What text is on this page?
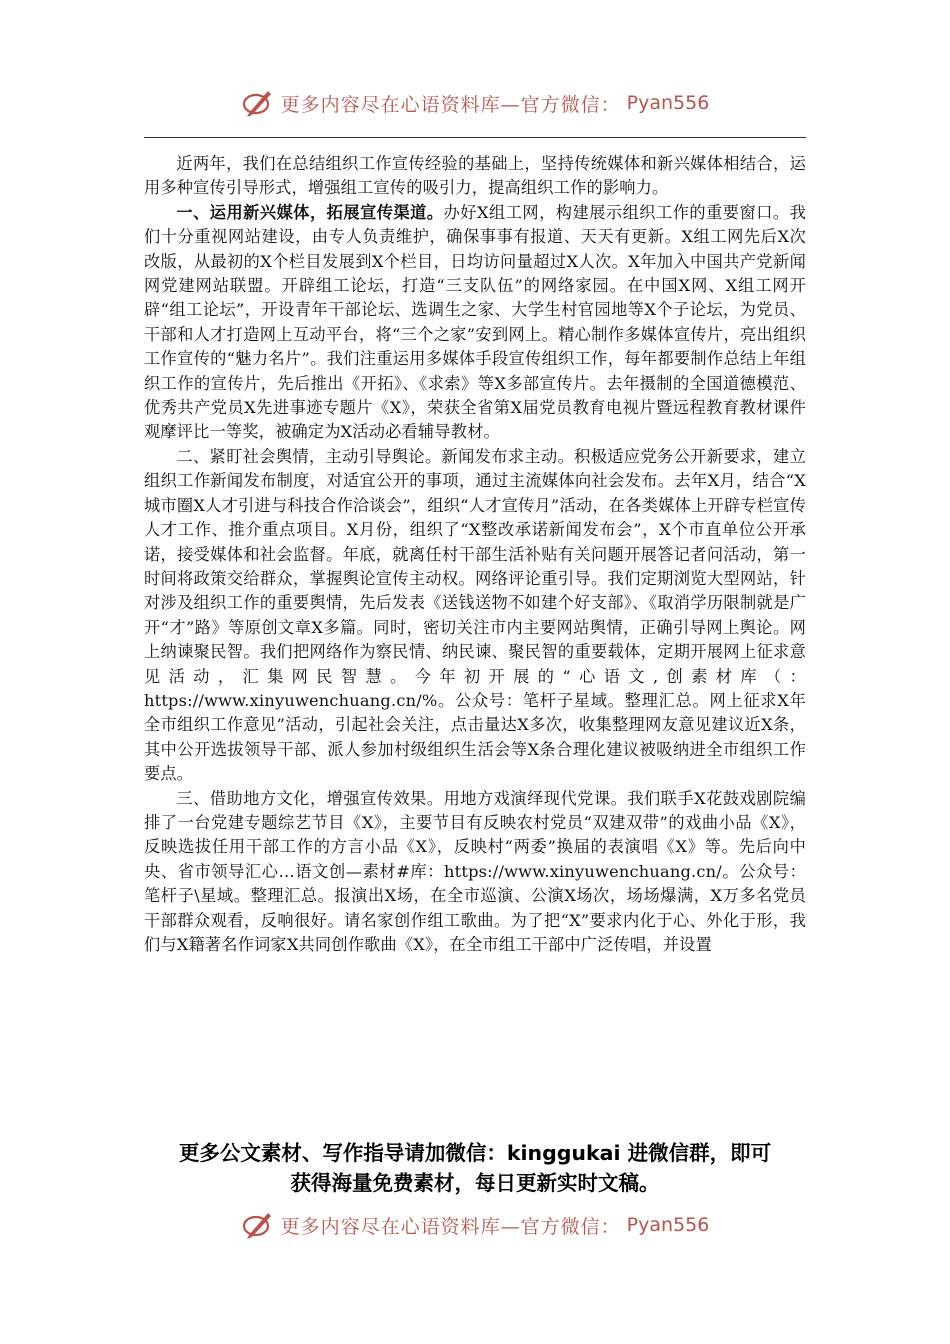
更多内容尽在心语资料库—官方微信： Pyan556

近两年，我们在总结组织工作宣传经验的基础上，坚持传统媒体和新兴媒体相结合，运用多种宣传引导形式，增强组工宣传的吸引力，提高组织工作的影响力。

一、运用新兴媒体，拓展宣传渠道。办好X组工网，构建展示组织工作的重要窗口。我们十分重视网站建设，由专人负责维护，确保事事有报道、天天有更新。X组工网先后X次改版，从最初的X个栏目发展到X个栏目，日均访问量超过X人次。X年加入中国共产党新闻网党建网站联盟。开辟组工论坛，打造“三支队伍”的网络家园。在中国X网、X组工网开辟“组工论坛”，开设青年干部论坛、选调生之家、大学生村官园地等X个子论坛，为党员、干部和人才打造网上互动平台，将“三个之家”安到网上。精心制作多媒体宣传片，亮出组织工作宣传的“魅力名片”。我们注重运用多媒体手段宣传组织工作，每年都要制作总结上年组织工作的宣传片，先后推出《开拓》、《求索》等X多部宣传片。去年摄制的全国道德模范、优秀共产党员X先进事迹专题片《X》，荣获全省第X届党员教育电视片暨远程教育教材课件观摩评比一等奖，被确定为X活动必看辅导教材。

二、紧盯社会舆情，主动引导舆论。新闻发布求主动。积极适应党务公开新要求，建立组织工作新闻发布制度，对适宜公开的事项，通过主流媒体向社会发布。去年X月，结合“X城市圈X人才引进与科技合作洽谈会”，组织“人才宣传月”活动，在各类媒体上开辟专栏宣传人才工作、推介重点项目。X月份，组织了“X整改承诺新闻发布会”，X个市直单位公开承诺，接受媒体和社会监督。年底，就离任村干部生活补贴有关问题开展答记者问活动，第一时间将政策交给群众，掌握舆论宣传主动权。网络评论重引导。我们定期浏览大型网站，针对涉及组织工作的重要舆情，先后发表《送钱送物不如建个好支部》、《取消学历限制就是广开“才”路》等原创文章X多篇。同时，密切关注市内主要网站舆情，正确引导网上舆论。网上纳谏聚民智。我们把网络作为察民情、纳民谏、聚民智的重要载体，定期开展网上征求意见活动，汇集网民智慧。今年初开展的“心语文,创素材库（：https://www.xinyuwenchuang.cn/%。公众号：笔杆子星域。整理汇总。网上征求X年全市组织工作意见”活动，引起社会关注，点击量达X多次，收集整理网友意见建议近X条，其中公开选拔领导干部、派人参加村级组织生活会等X条合理化建议被吸纳进全市组织工作要点。

三、借助地方文化，增强宣传效果。用地方戏演绎现代党课。我们联手X花鼓戏剧院编排了一台党建专题综艺节目《X》，主要节目有反映农村党员“双建双带”的戏曲小品《X》，反映选拔任用干部工作的方言小品《X》，反映村“两委”换届的表演唱《X》等。先后向中央、省市领导汇心…语文创—素材#库：https://www.xinyuwenchuang.cn/。公众号：笔杆子\星域。整理汇总。报演出X场，在全市巡演、公演X场次，场场爆满，X万多名党员干部群众观看，反响很好。请名家创作组工歌曲。为了把“X”要求内化于心、外化于形，我们与X籍著名作词家X共同创作歌曲《X》，在全市组工干部中广泛传唱，并设置

更多公文素材、写作指导请加微信：kinggukai 进微信群，即可
获得海量免费素材，每日更新实时文稿。
更多内容尽在心语资料库—官方微信： Pyan556
